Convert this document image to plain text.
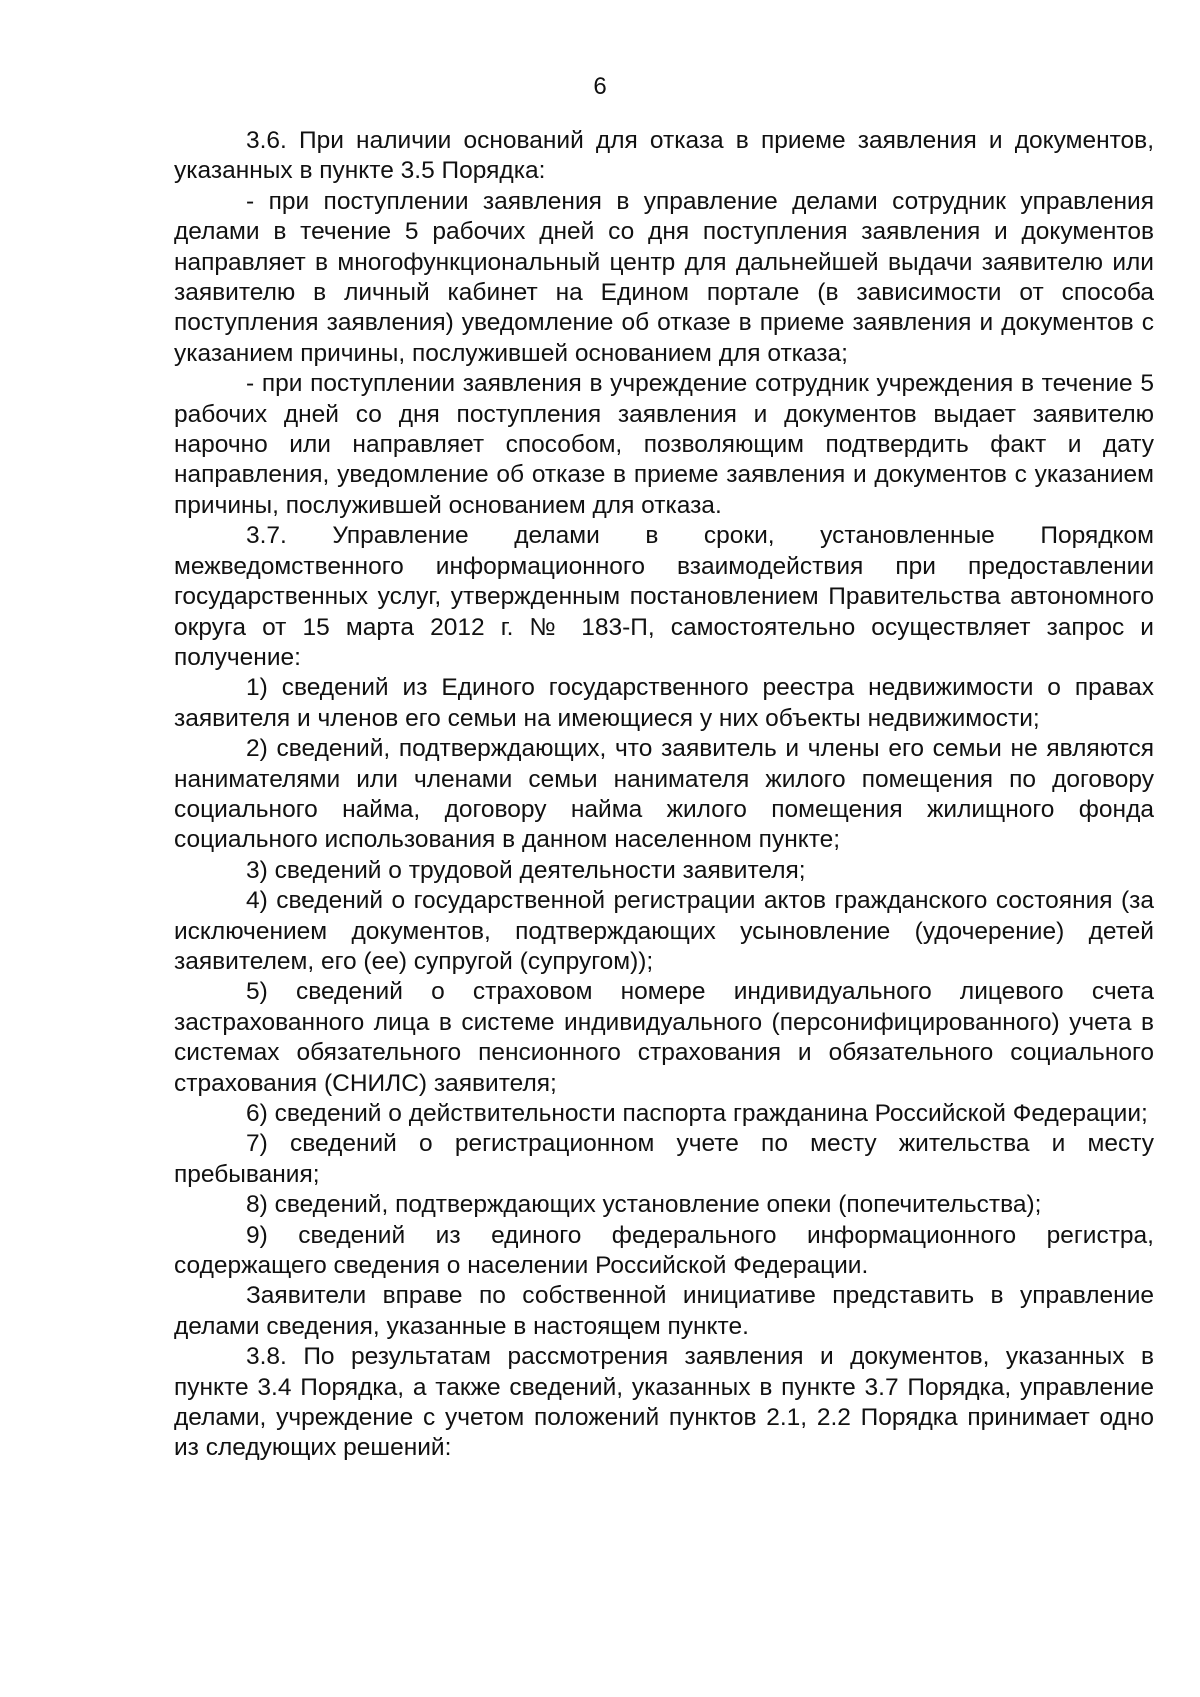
6

3.6. При наличии оснований для отказа в приеме заявления и документов, указанных в пункте 3.5 Порядка:

- при поступлении заявления в управление делами сотрудник управления делами в течение 5 рабочих дней со дня поступления заявления и документов направляет в многофункциональный центр для дальнейшей выдачи заявителю или заявителю в личный кабинет на Едином портале (в зависимости от способа поступления заявления) уведомление об отказе в приеме заявления и документов с указанием причины, послужившей основанием для отказа;

- при поступлении заявления в учреждение сотрудник учреждения в течение 5 рабочих дней со дня поступления заявления и документов выдает заявителю нарочно или направляет способом, позволяющим подтвердить факт и дату направления, уведомление об отказе в приеме заявления и документов с указанием причины, послужившей основанием для отказа.

3.7. Управление делами в сроки, установленные Порядком межведомственного информационного взаимодействия при предоставлении государственных услуг, утвержденным постановлением Правительства автономного округа от 15 марта 2012 г. № 183-П, самостоятельно осуществляет запрос и получение:

1) сведений из Единого государственного реестра недвижимости о правах заявителя и членов его семьи на имеющиеся у них объекты недвижимости;

2) сведений, подтверждающих, что заявитель и члены его семьи не являются нанимателями или членами семьи нанимателя жилого помещения по договору социального найма, договору найма жилого помещения жилищного фонда социального использования в данном населенном пункте;

3) сведений о трудовой деятельности заявителя;

4) сведений о государственной регистрации актов гражданского состояния (за исключением документов, подтверждающих усыновление (удочерение) детей заявителем, его (ее) супругой (супругом));

5) сведений о страховом номере индивидуального лицевого счета застрахованного лица в системе индивидуального (персонифицированного) учета в системах обязательного пенсионного страхования и обязательного социального страхования (СНИЛС) заявителя;

6) сведений о действительности паспорта гражданина Российской Федерации;

7) сведений о регистрационном учете по месту жительства и месту пребывания;

8) сведений, подтверждающих установление опеки (попечительства);

9) сведений из единого федерального информационного регистра, содержащего сведения о населении Российской Федерации.

Заявители вправе по собственной инициативе представить в управление делами сведения, указанные в настоящем пункте.

3.8. По результатам рассмотрения заявления и документов, указанных в пункте 3.4 Порядка, а также сведений, указанных в пункте 3.7 Порядка, управление делами, учреждение с учетом положений пунктов 2.1, 2.2 Порядка принимает одно из следующих решений:
